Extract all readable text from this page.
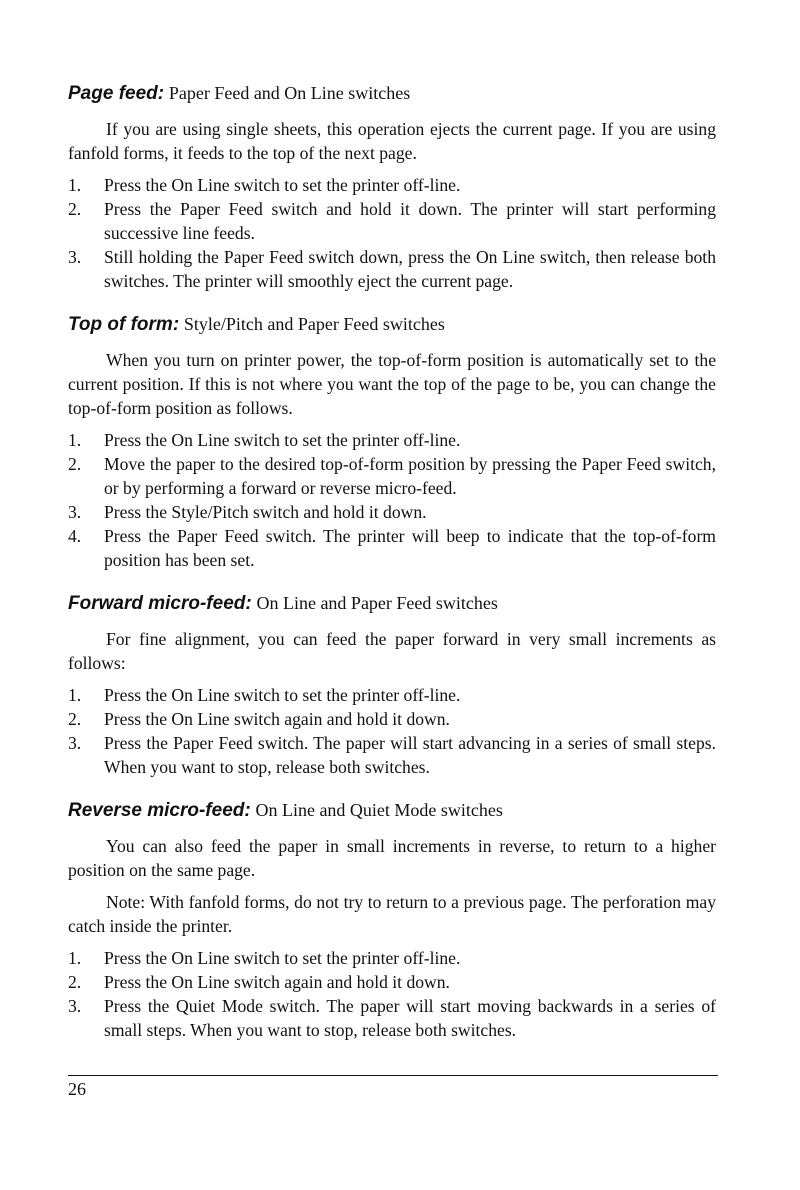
Page feed: Paper Feed and On Line switches

If you are using single sheets, this operation ejects the current page. If you are using fanfold forms, it feeds to the top of the next page.

1. Press the On Line switch to set the printer off-line.
2. Press the Paper Feed switch and hold it down. The printer will start performing successive line feeds.
3. Still holding the Paper Feed switch down, press the On Line switch, then release both switches. The printer will smoothly eject the current page.
Top of form: Style/Pitch and Paper Feed switches

When you turn on printer power, the top-of-form position is automatically set to the current position. If this is not where you want the top of the page to be, you can change the top-of-form position as follows.

1. Press the On Line switch to set the printer off-line.
2. Move the paper to the desired top-of-form position by pressing the Paper Feed switch, or by performing a forward or reverse micro-feed.
3. Press the Style/Pitch switch and hold it down.
4. Press the Paper Feed switch. The printer will beep to indicate that the top-of-form position has been set.
Forward micro-feed: On Line and Paper Feed switches

For fine alignment, you can feed the paper forward in very small increments as follows:

1. Press the On Line switch to set the printer off-line.
2. Press the On Line switch again and hold it down.
3. Press the Paper Feed switch. The paper will start advancing in a series of small steps. When you want to stop, release both switches.
Reverse micro-feed: On Line and Quiet Mode switches

You can also feed the paper in small increments in reverse, to return to a higher position on the same page.

Note: With fanfold forms, do not try to return to a previous page. The perforation may catch inside the printer.

1. Press the On Line switch to set the printer off-line.
2. Press the On Line switch again and hold it down.
3. Press the Quiet Mode switch. The paper will start moving backwards in a series of small steps. When you want to stop, release both switches.
26
